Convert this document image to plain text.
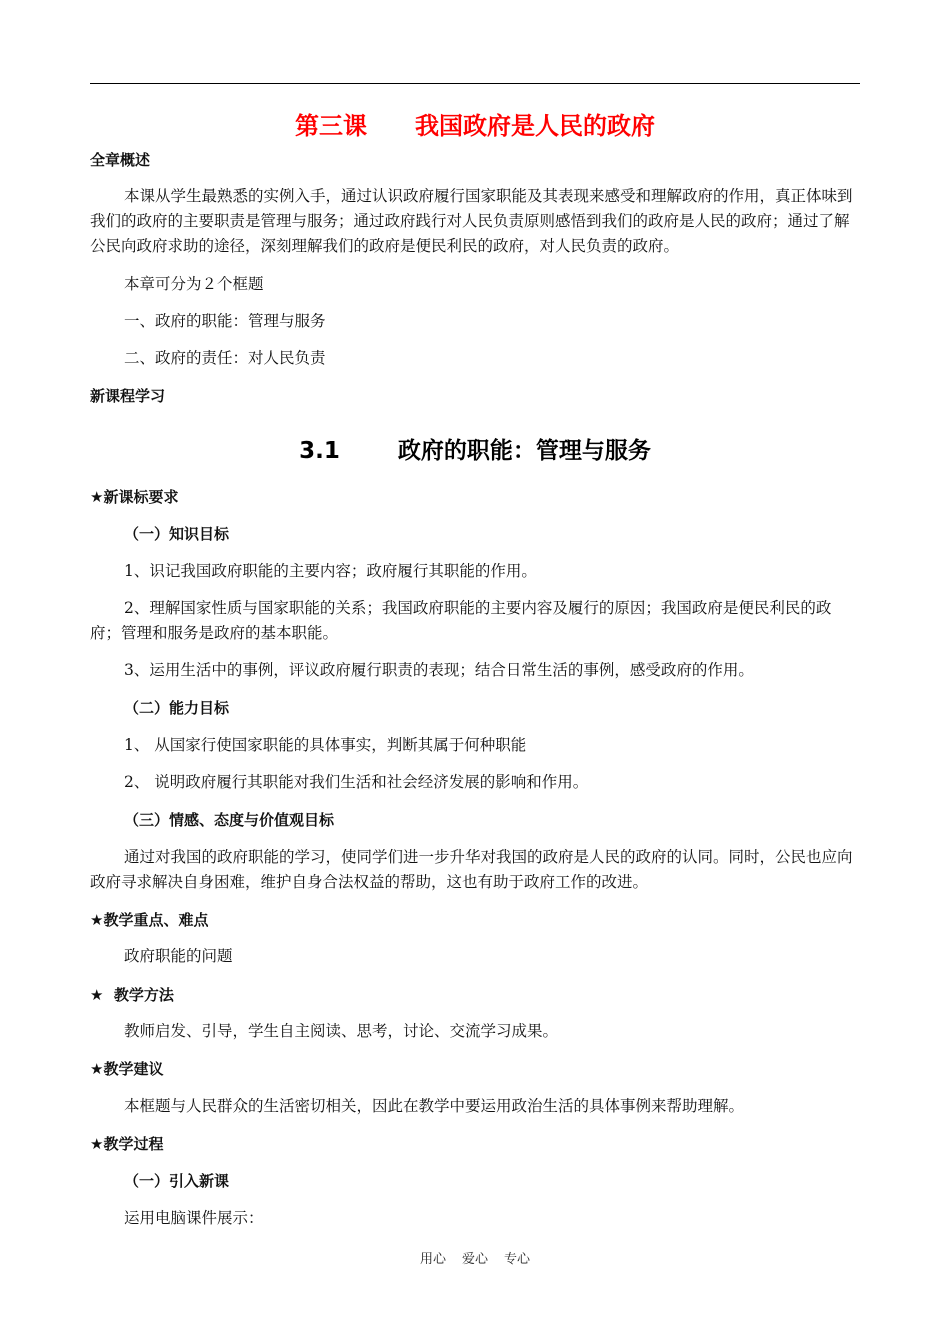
第三课 我国政府是人民的政府
全章概述
本课从学生最熟悉的实例入手，通过认识政府履行国家职能及其表现来感受和理解政府的作用，真正体味到我们的政府的主要职责是管理与服务；通过政府践行对人民负责原则感悟到我们的政府是人民的政府；通过了解公民向政府求助的途径，深刻理解我们的政府是便民利民的政府，对人民负责的政府。
本章可分为２个框题
一、政府的职能：管理与服务
二、政府的责任：对人民负责
新课程学习
3.1	政府的职能：管理与服务
★新课标要求
（一）知识目标
1、识记我国政府职能的主要内容；政府履行其职能的作用。
2、理解国家性质与国家职能的关系；我国政府职能的主要内容及履行的原因；我国政府是便民利民的政府；管理和服务是政府的基本职能。
3、运用生活中的事例，评议政府履行职责的表现；结合日常生活的事例，感受政府的作用。
（二）能力目标
1、 从国家行使国家职能的具体事实，判断其属于何种职能
2、 说明政府履行其职能对我们生活和社会经济发展的影响和作用。
（三）情感、态度与价值观目标
通过对我国的政府职能的学习，使同学们进一步升华对我国的政府是人民的政府的认同。同时，公民也应向政府寻求解决自身困难，维护自身合法权益的帮助，这也有助于政府工作的改进。
★教学重点、难点
政府职能的问题
★  教学方法
教师启发、引导，学生自主阅读、思考，讨论、交流学习成果。
★教学建议
本框题与人民群众的生活密切相关，因此在教学中要运用政治生活的具体事例来帮助理解。
★教学过程
（一）引入新课
运用电脑课件展示：
用心 爱心 专心
